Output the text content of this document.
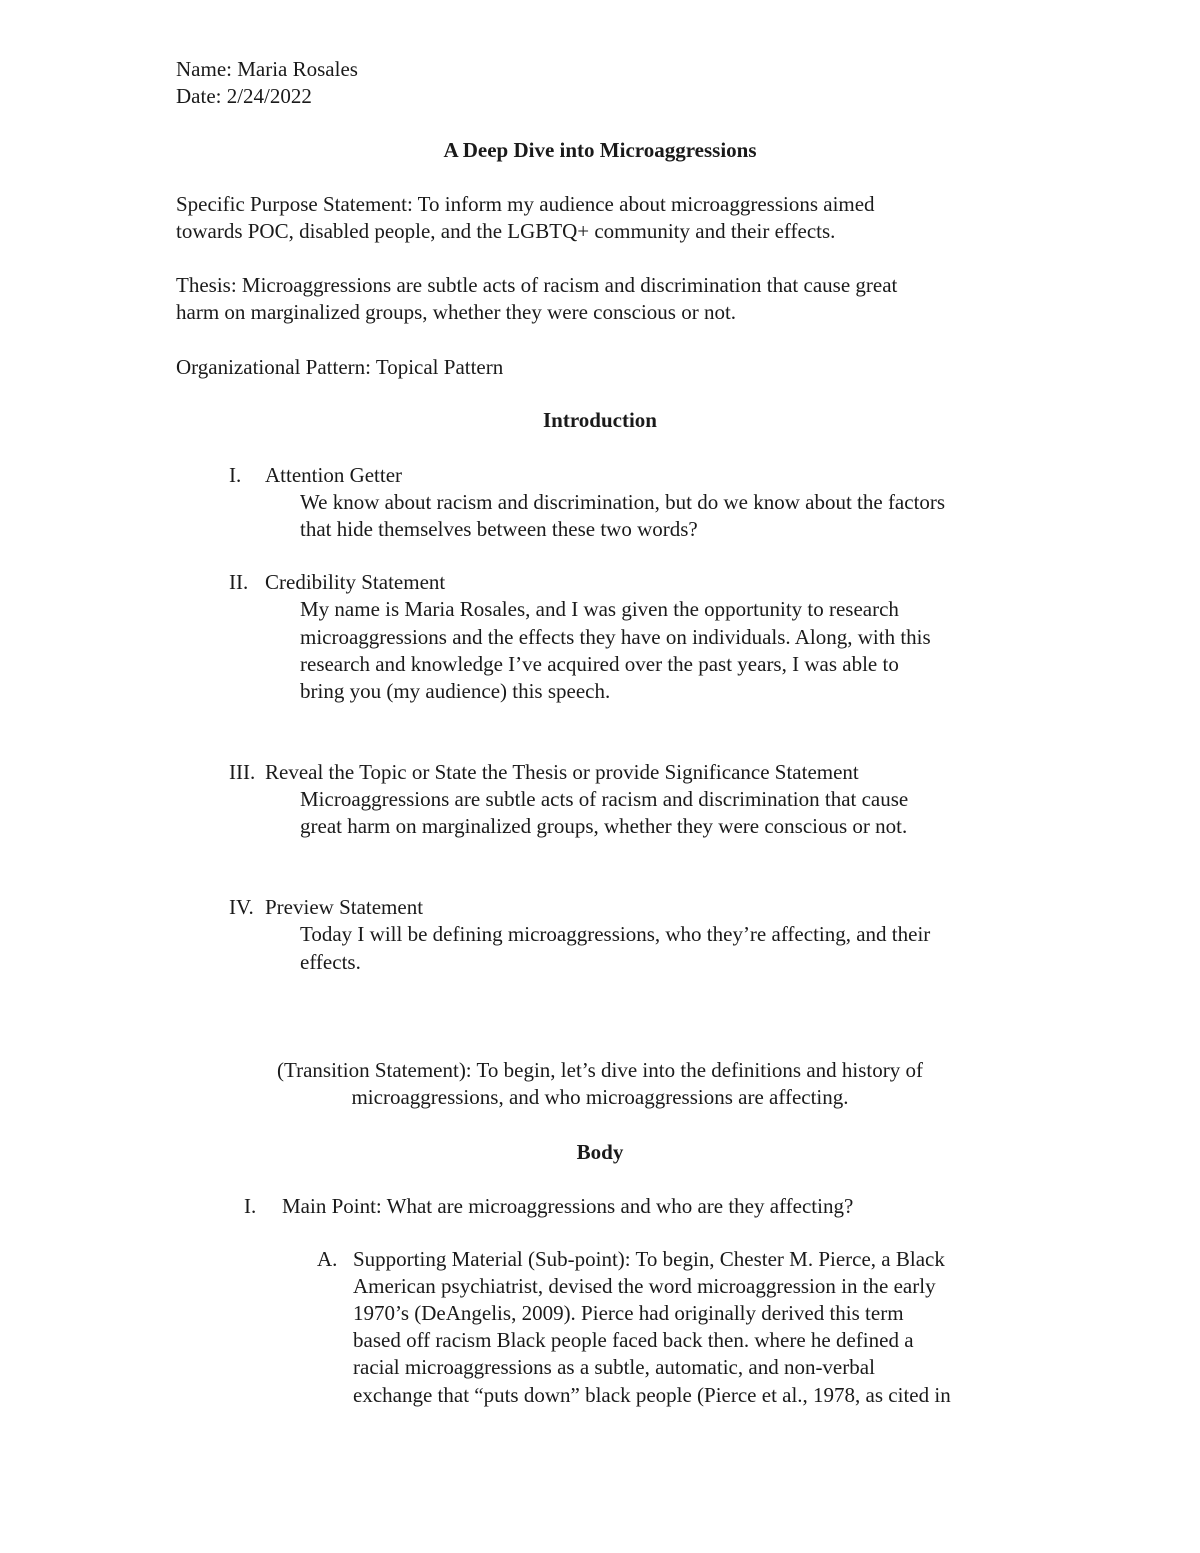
Name: Maria Rosales
Date: 2/24/2022
A Deep Dive into Microaggressions
Specific Purpose Statement: To inform my audience about microaggressions aimed
towards POC, disabled people, and the LGBTQ+ community and their effects.
Thesis: Microaggressions are subtle acts of racism and discrimination that cause great
harm on marginalized groups, whether they were conscious or not.
Organizational Pattern: Topical Pattern
Introduction
I. Attention Getter
We know about racism and discrimination, but do we know about the factors
that hide themselves between these two words?
II. Credibility Statement
My name is Maria Rosales, and I was given the opportunity to research
microaggressions and the effects they have on individuals. Along, with this
research and knowledge I’ve acquired over the past years, I was able to
bring you (my audience) this speech.
III. Reveal the Topic or State the Thesis or provide Significance Statement
Microaggressions are subtle acts of racism and discrimination that cause
great harm on marginalized groups, whether they were conscious or not.
IV. Preview Statement
Today I will be defining microaggressions, who they’re affecting, and their
effects.
(Transition Statement): To begin, let’s dive into the definitions and history of
microaggressions, and who microaggressions are affecting.
Body
I. Main Point: What are microaggressions and who are they affecting?
A. Supporting Material (Sub-point): To begin, Chester M. Pierce, a Black
American psychiatrist, devised the word microaggression in the early
1970’s (DeAngelis, 2009). Pierce had originally derived this term
based off racism Black people faced back then. where he defined a
racial microaggressions as a subtle, automatic, and non-verbal
exchange that “puts down” black people (Pierce et al., 1978, as cited in
